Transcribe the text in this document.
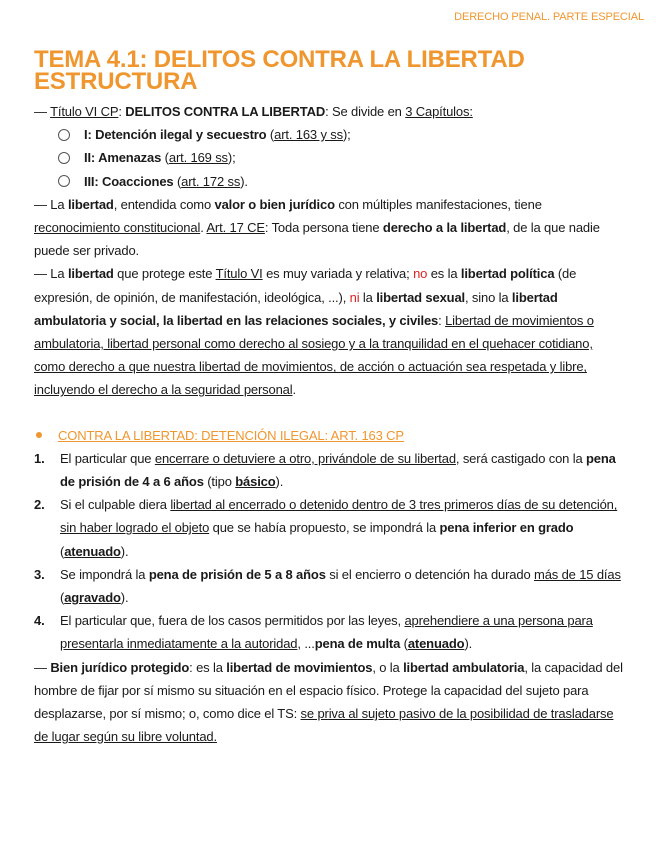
DERECHO PENAL. PARTE ESPECIAL
TEMA 4.1: DELITOS CONTRA LA LIBERTAD
ESTRUCTURA

— Título VI CP: DELITOS CONTRA LA LIBERTAD: Se divide en 3 Capítulos:

I: Detención ilegal y secuestro (art. 163 y ss);
II: Amenazas (art. 169 ss);
III: Coacciones (art. 172 ss).

— La libertad, entendida como valor o bien jurídico con múltiples manifestaciones, tiene reconocimiento constitucional. Art. 17 CE: Toda persona tiene derecho a la libertad, de la que nadie puede ser privado.

— La libertad que protege este Título VI es muy variada y relativa; no es la libertad política (de expresión, de opinión, de manifestación, ideológica, ...), ni la libertad sexual, sino la libertad ambulatoria y social, la libertad en las relaciones sociales, y civiles: Libertad de movimientos o ambulatoria, libertad personal como derecho al sosiego y a la tranquilidad en el quehacer cotidiano, como derecho a que nuestra libertad de movimientos, de acción o actuación sea respetada y libre, incluyendo el derecho a la seguridad personal.

CONTRA LA LIBERTAD: DETENCIÓN ILEGAL: ART. 163 CP
1.	El particular que encerrare o detuviere a otro, privándole de su libertad, será castigado con la pena de prisión de 4 a 6 años (tipo básico).
2.	Si el culpable diera libertad al encerrado o detenido dentro de 3 tres primeros días de su detención, sin haber logrado el objeto que se había propuesto, se impondrá la pena inferior en grado (atenuado).
3.	Se impondrá la pena de prisión de 5 a 8 años si el encierro o detención ha durado más de 15 días (agravado).
4.	El particular que, fuera de los casos permitidos por las leyes, aprehendiere a una persona para presentarla inmediatamente a la autoridad, ...pena de multa (atenuado).

— Bien jurídico protegido: es la libertad de movimientos, o la libertad ambulatoria, la capacidad del hombre de fijar por sí mismo su situación en el espacio físico. Protege la capacidad del sujeto para desplazarse, por sí mismo; o, como dice el TS: se priva al sujeto pasivo de la posibilidad de trasladarse de lugar según su libre voluntad.
